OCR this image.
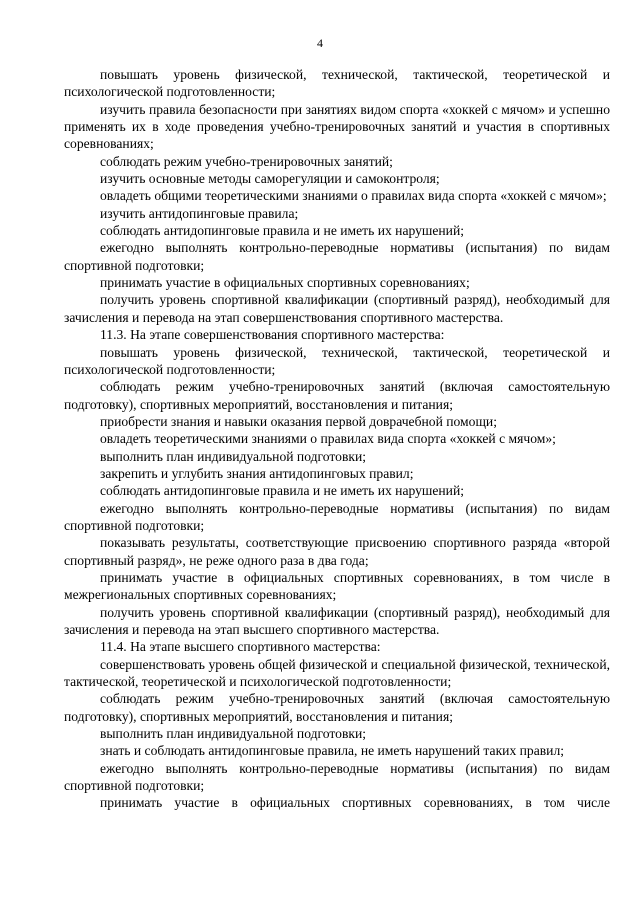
4

повышать уровень физической, технической, тактической, теоретической и психологической подготовленности;

изучить правила безопасности при занятиях видом спорта «хоккей с мячом» и успешно применять их в ходе проведения учебно-тренировочных занятий и участия в спортивных соревнованиях;

соблюдать режим учебно-тренировочных занятий;

изучить основные методы саморегуляции и самоконтроля;

овладеть общими теоретическими знаниями о правилах вида спорта «хоккей с мячом»;

изучить антидопинговые правила;

соблюдать антидопинговые правила и не иметь их нарушений;

ежегодно выполнять контрольно-переводные нормативы (испытания) по видам спортивной подготовки;

принимать участие в официальных спортивных соревнованиях;

получить уровень спортивной квалификации (спортивный разряд), необходимый для зачисления и перевода на этап совершенствования спортивного мастерства.

11.3. На этапе совершенствования спортивного мастерства:

повышать уровень физической, технической, тактической, теоретической и психологической подготовленности;

соблюдать режим учебно-тренировочных занятий (включая самостоятельную подготовку), спортивных мероприятий, восстановления и питания;

приобрести знания и навыки оказания первой доврачебной помощи;

овладеть теоретическими знаниями о правилах вида спорта «хоккей с мячом»;

выполнить план индивидуальной подготовки;

закрепить и углубить знания антидопинговых правил;

соблюдать антидопинговые правила и не иметь их нарушений;

ежегодно выполнять контрольно-переводные нормативы (испытания) по видам спортивной подготовки;

показывать результаты, соответствующие присвоению спортивного разряда «второй спортивный разряд», не реже одного раза в два года;

принимать участие в официальных спортивных соревнованиях, в том числе в межрегиональных спортивных соревнованиях;

получить уровень спортивной квалификации (спортивный разряд), необходимый для зачисления и перевода на этап высшего спортивного мастерства.

11.4. На этапе высшего спортивного мастерства:

совершенствовать уровень общей физической и специальной физической, технической, тактической, теоретической и психологической подготовленности;

соблюдать режим учебно-тренировочных занятий (включая самостоятельную подготовку), спортивных мероприятий, восстановления и питания;

выполнить план индивидуальной подготовки;

знать и соблюдать антидопинговые правила, не иметь нарушений таких правил;

ежегодно выполнять контрольно-переводные нормативы (испытания) по видам спортивной подготовки;

принимать участие в официальных спортивных соревнованиях, в том числе
